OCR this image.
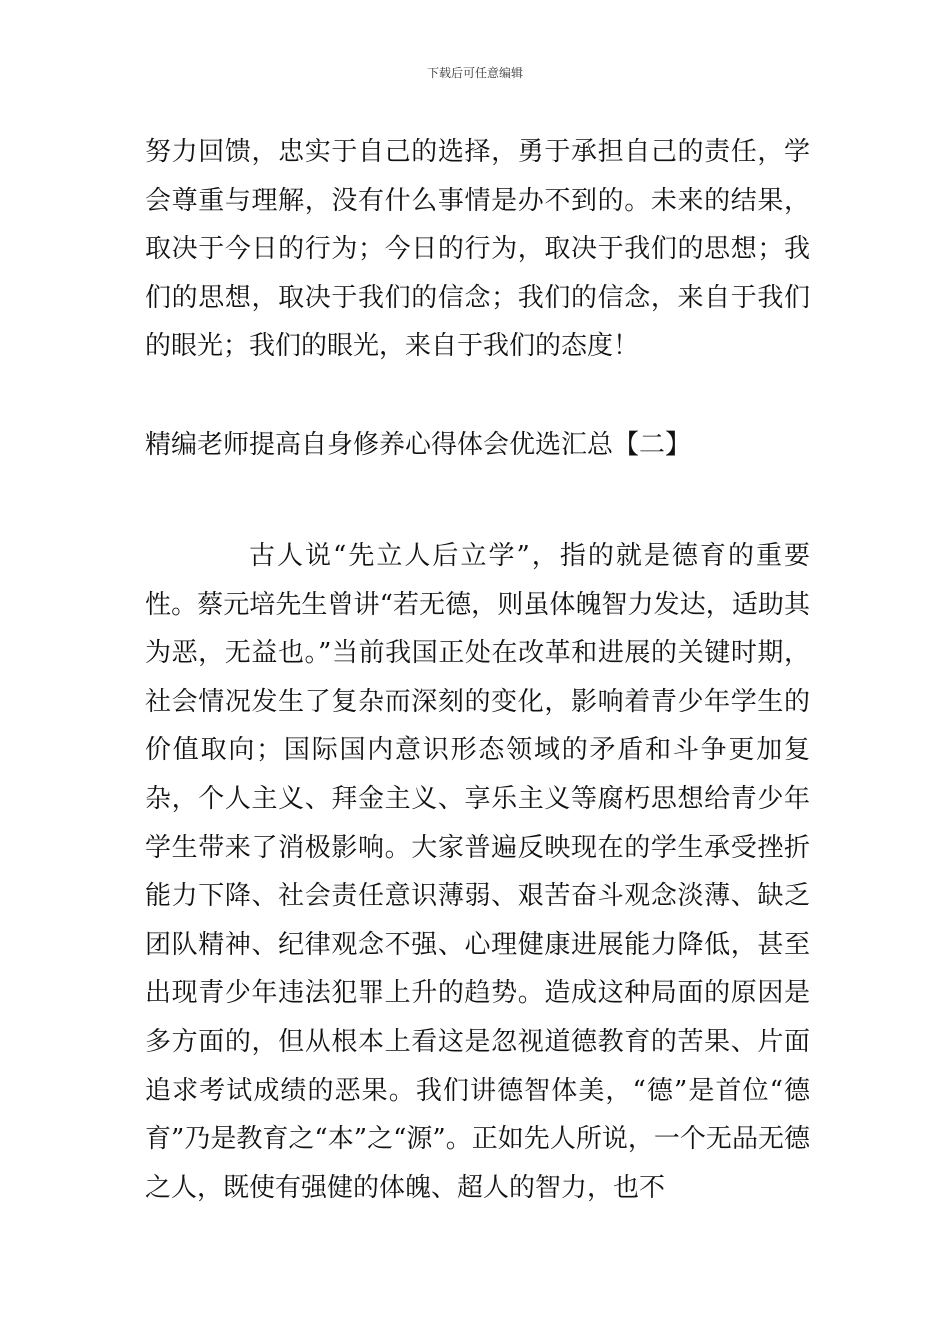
下载后可任意编辑

努力回馈，忠实于自己的选择，勇于承担自己的责任，学会尊重与理解，没有什么事情是办不到的。未来的结果，取决于今日的行为；今日的行为，取决于我们的思想；我们的思想，取决于我们的信念；我们的信念，来自于我们的眼光；我们的眼光，来自于我们的态度！

精编老师提高自身修养心得体会优选汇总【二】

古人说“先立人后立学”，指的就是德育的重要性。蔡元培先生曾讲“若无德，则虽体魄智力发达，适助其为恶，无益也。”当前我国正处在改革和进展的关键时期，社会情况发生了复杂而深刻的变化，影响着青少年学生的价值取向；国际国内意识形态领域的矛盾和斗争更加复杂，个人主义、拜金主义、享乐主义等腐朽思想给青少年学生带来了消极影响。大家普遍反映现在的学生承受挫折能力下降、社会责任意识薄弱、艰苦奋斗观念淡薄、缺乏团队精神、纪律观念不强、心理健康进展能力降低，甚至出现青少年违法犯罪上升的趋势。造成这种局面的原因是多方面的，但从根本上看这是忽视道德教育的苦果、片面追求考试成绩的恶果。我们讲德智体美，“德”是首位“德育”乃是教育之“本”之“源”。正如先人所说，一个无品无德之人，既使有强健的体魄、超人的智力，也不
